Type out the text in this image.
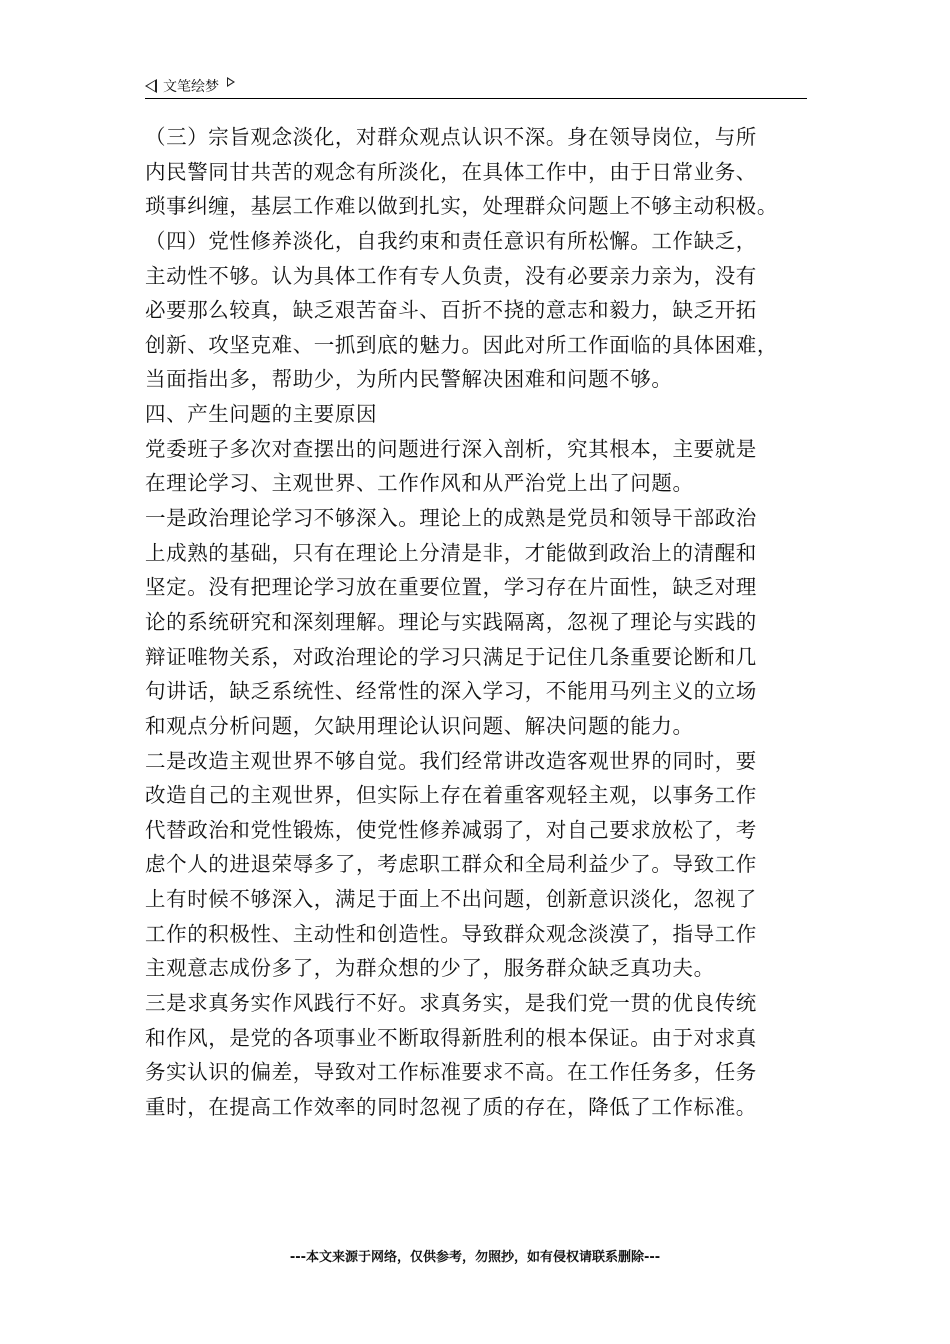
文笔绘梦
（三）宗旨观念淡化，对群众观点认识不深。身在领导岗位，与所
内民警同甘共苦的观念有所淡化，在具体工作中，由于日常业务、
琐事纠缠，基层工作难以做到扎实，处理群众问题上不够主动积极。
（四）党性修养淡化，自我约束和责任意识有所松懈。工作缺乏，
主动性不够。认为具体工作有专人负责，没有必要亲力亲为，没有
必要那么较真，缺乏艰苦奋斗、百折不挠的意志和毅力，缺乏开拓
创新、攻坚克难、一抓到底的魅力。因此对所工作面临的具体困难，
当面指出多，帮助少，为所内民警解决困难和问题不够。
四、产生问题的主要原因
党委班子多次对查摆出的问题进行深入剖析，究其根本，主要就是
在理论学习、主观世界、工作作风和从严治党上出了问题。
一是政治理论学习不够深入。理论上的成熟是党员和领导干部政治
上成熟的基础，只有在理论上分清是非，才能做到政治上的清醒和
坚定。没有把理论学习放在重要位置，学习存在片面性，缺乏对理
论的系统研究和深刻理解。理论与实践隔离，忽视了理论与实践的
辩证唯物关系，对政治理论的学习只满足于记住几条重要论断和几
句讲话，缺乏系统性、经常性的深入学习，不能用马列主义的立场
和观点分析问题，欠缺用理论认识问题、解决问题的能力。
二是改造主观世界不够自觉。我们经常讲改造客观世界的同时，要
改造自己的主观世界，但实际上存在着重客观轻主观，以事务工作
代替政治和党性锻炼，使党性修养减弱了，对自己要求放松了，考
虑个人的进退荣辱多了，考虑职工群众和全局利益少了。导致工作
上有时候不够深入，满足于面上不出问题，创新意识淡化，忽视了
工作的积极性、主动性和创造性。导致群众观念淡漠了，指导工作
主观意志成份多了，为群众想的少了，服务群众缺乏真功夫。
三是求真务实作风践行不好。求真务实，是我们党一贯的优良传统
和作风，是党的各项事业不断取得新胜利的根本保证。由于对求真
务实认识的偏差，导致对工作标准要求不高。在工作任务多，任务
重时，在提高工作效率的同时忽视了质的存在，降低了工作标准。
---本文来源于网络，仅供参考，勿照抄，如有侵权请联系删除---
